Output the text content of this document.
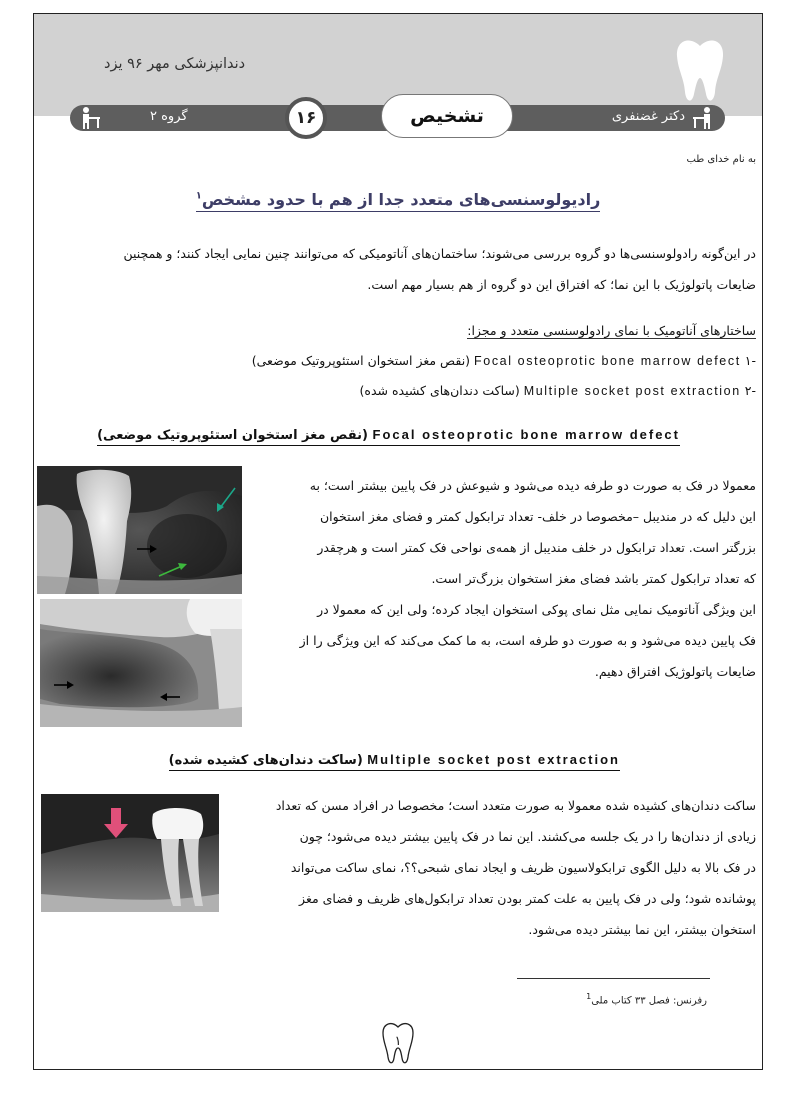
دندانپزشکی مهر ۹۶ یزد
گروه ۲	دکتر غضنفری
۱۶	تشخیص
به نام خدای طب
رادیولوسنسی‌های متعدد جدا از هم با حدود مشخص$^۱$
در این‌گونه رادولوسنسی‌ها دو گروه بررسی می‌شوند؛ ساختمان‌های آناتومیکی که می‌توانند چنین نمایی ایجاد کنند؛ و همچنین
ضایعات پاتولوژیک با این نما؛ که افتراق این دو گروه از هم بسیار مهم است.
ساختارهای آناتومیک با نمای رادولوسنسی متعدد و مجزا:
-۱ Focal osteoprotic bone marrow defect (نقص مغز استخوان استئوپروتیک موضعی)
-۲ Multiple socket post extraction (ساکت دندان‌های کشیده شده)
Focal osteoprotic bone marrow defect (نقص مغز استخوان استئوپروتیک موضعی)
معمولا در فک به صورت دو طرفه دیده می‌شود و شیوعش در فک پایین بیشتر است؛ به
این دلیل که در مندیبل –مخصوصا در خلف- تعداد ترابکول کمتر و فضای مغز استخوان
بزرگتر است. تعداد ترابکول در خلف مندیبل از همه‌ی نواحی فک کمتر است و هرچقدر
که تعداد ترابکول کمتر باشد فضای مغز استخوان بزرگ‌تر است.
این ویژگی آناتومیک نمایی مثل نمای پوکی استخوان ایجاد کرده؛ ولی این که معمولا در
فک پایین دیده می‌شود و به صورت دو طرفه است، به ما کمک می‌کند که این ویژگی را از
ضایعات پاتولوژیک افتراق دهیم.
Multiple socket post extraction (ساکت دندان‌های کشیده شده)
ساکت دندان‌های کشیده شده معمولا به صورت متعدد است؛ مخصوصا در افراد مسن که تعداد
زیادی از دندان‌ها را در یک جلسه می‌کشند. این نما در فک پایین بیشتر دیده می‌شود؛ چون
در فک بالا به دلیل الگوی ترابکولاسیون ظریف و ایجاد نمای شبحی؟؟، نمای ساکت می‌تواند
پوشانده شود؛ ولی در فک پایین به علت کمتر بودن تعداد ترابکول‌های ظریف و فضای مغز
استخوان بیشتر، این نما بیشتر دیده می‌شود.
رفرنس: فصل ۳۳ کتاب ملی$^1$
۱
